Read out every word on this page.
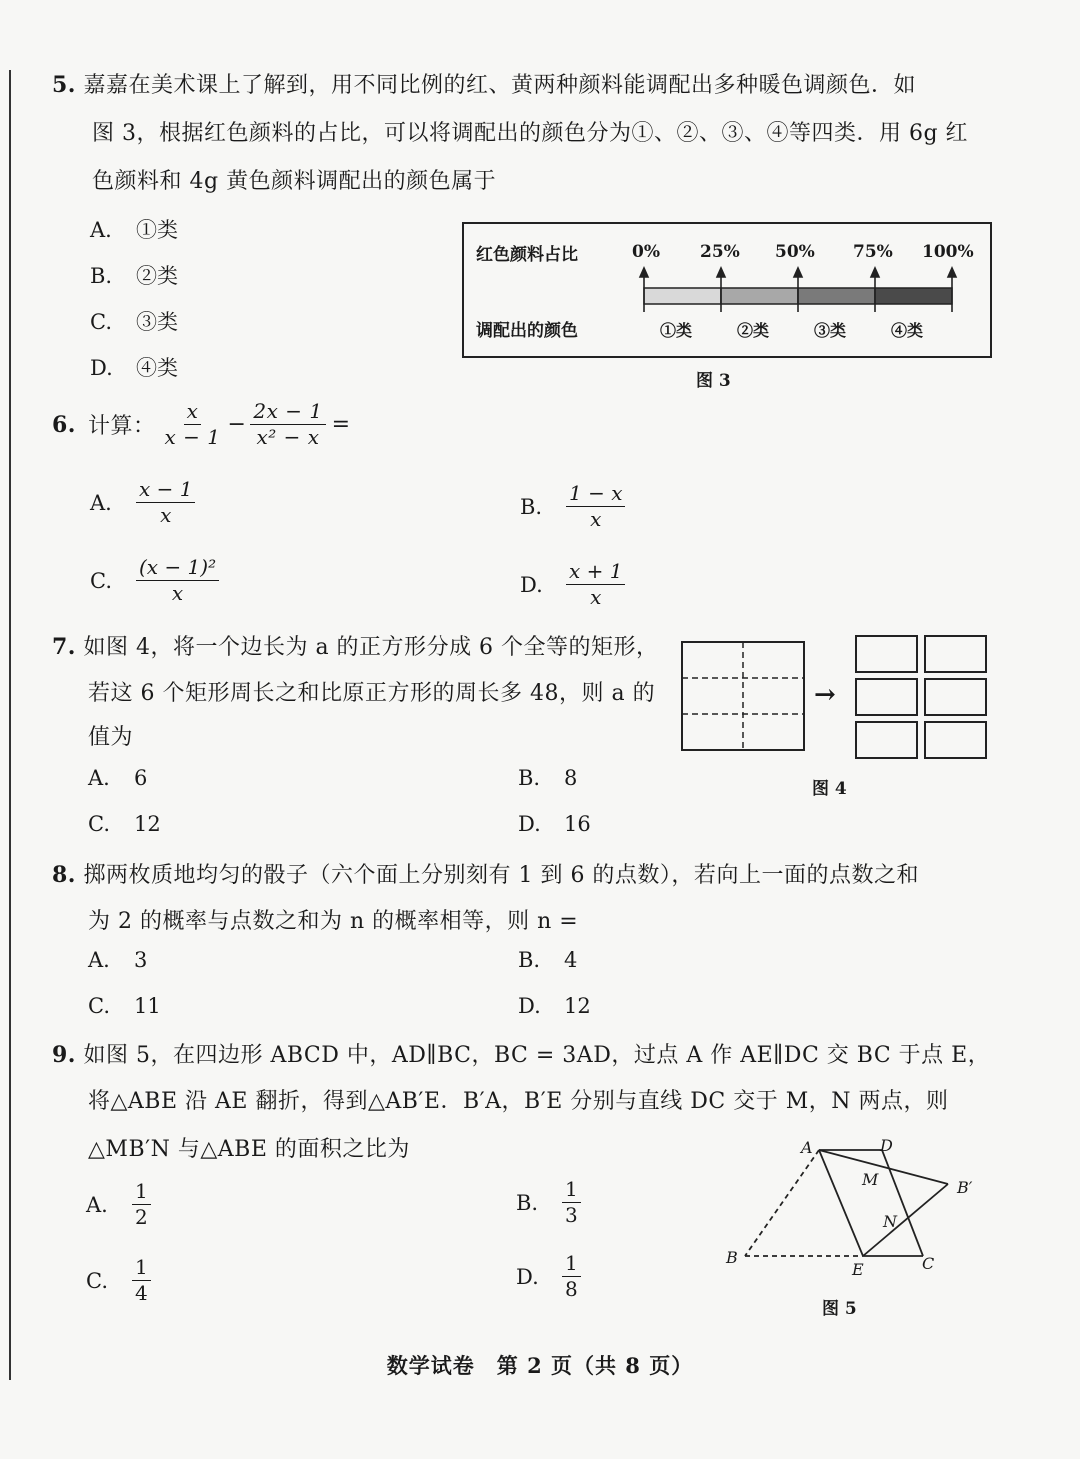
5. 嘉嘉在美术课上了解到，用不同比例的红、黄两种颜料能调配出多种暖色调颜色．如
图 3，根据红色颜料的占比，可以将调配出的颜色分为①、②、③、④等四类．用 6g 红
色颜料和 4g 黄色颜料调配出的颜色属于
A. ①类
B. ②类
C. ③类
D. ④类
红色颜料占比
调配出的颜色
0% 25% 50% 75% 100%
①类	②类	③类	④类
图 3
6. 计算： $\frac{x}{x - 1} - \frac{2x - 1}{\text{x² − x}}$ =
A.	$\frac{x - 1}{x}$	B.	$\frac{1 - x}{x}$
C.	$\frac{\text{(x − 1)²}}{x}$	D.	$\frac{x + 1}{x}$
7. 如图 4，将一个边长为 a 的正方形分成 6 个全等的矩形，
若这 6 个矩形周长之和比原正方形的周长多 48，则 a 的
值为
A. 6	B. 8
C. 12	D. 16
→
图 4
8. 掷两枚质地均匀的骰子（六个面上分别刻有 1 到 6 的点数），若向上一面的点数之和
为 2 的概率与点数之和为 n 的概率相等，则 n =
A. 3	B. 4
C. 11	D. 12
9. 如图 5，在四边形 ABCD 中，AD∥BC，BC = 3AD，过点 A 作 AE∥DC 交 BC 于点 E，
将△ABE 沿 AE 翻折，得到△AB′E．B′A，B′E 分别与直线 DC 交于 M，N 两点，则
△MB′N 与△ABE 的面积之比为
A.	$\frac{1}{2}$	B.	$\frac{1}{3}$
C.	$\frac{1}{4}$	D.	$\frac{1}{8}$
A	D
M	B′
N
B
E	C
图 5
数学试卷　第 2 页（共 8 页）
